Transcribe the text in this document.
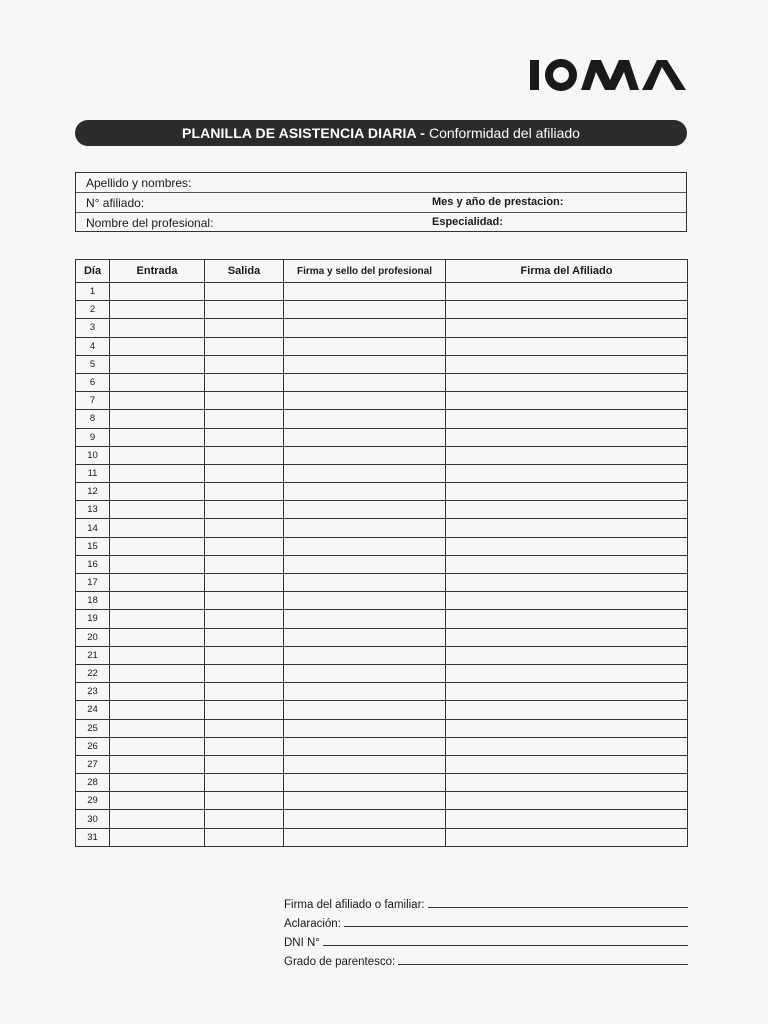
PLANILLA DE ASISTENCIA DIARIA - Conformidad del afiliado
Apellido y nombres:
N° afiliado:	Mes y año de prestacion:
Nombre del profesional:	Especialidad:
Día	Entrada	Salida	Firma y sello del profesional	Firma del Afiliado
1				
2				
3				
4				
5				
6				
7				
8				
9				
10				
11				
12				
13				
14				
15				
16				
17				
18				
19				
20				
21				
22				
23				
24				
25				
26				
27				
28				
29				
30				
31				
Firma del afiliado o familiar:
Aclaración:
DNI N°
Grado de parentesco:
